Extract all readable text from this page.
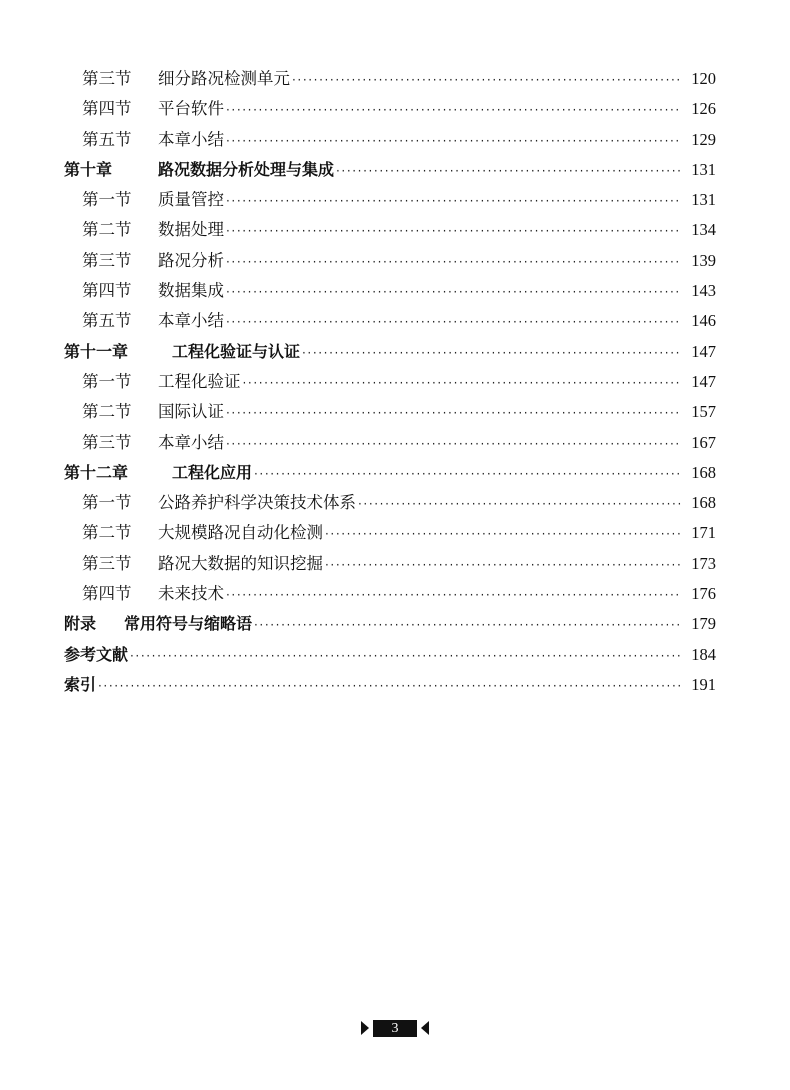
第三节	细分路况检测单元 ·····	120
第四节	平台软件 ·····	126
第五节	本章小结 ·····	129
第十章	路况数据分析处理与集成 ·····	131
第一节	质量管控 ·····	131
第二节	数据处理 ·····	134
第三节	路况分析 ·····	139
第四节	数据集成 ·····	143
第五节	本章小结 ·····	146
第十一章	工程化验证与认证 ·····	147
第一节	工程化验证 ·····	147
第二节	国际认证 ·····	157
第三节	本章小结 ·····	167
第十二章	工程化应用 ·····	168
第一节	公路养护科学决策技术体系 ·····	168
第二节	大规模路况自动化检测 ·····	171
第三节	路况大数据的知识挖掘 ·····	173
第四节	未来技术 ·····	176
附录	常用符号与缩略语 ·····	179
参考文献 ·····	184
索引 ·····	191
3
